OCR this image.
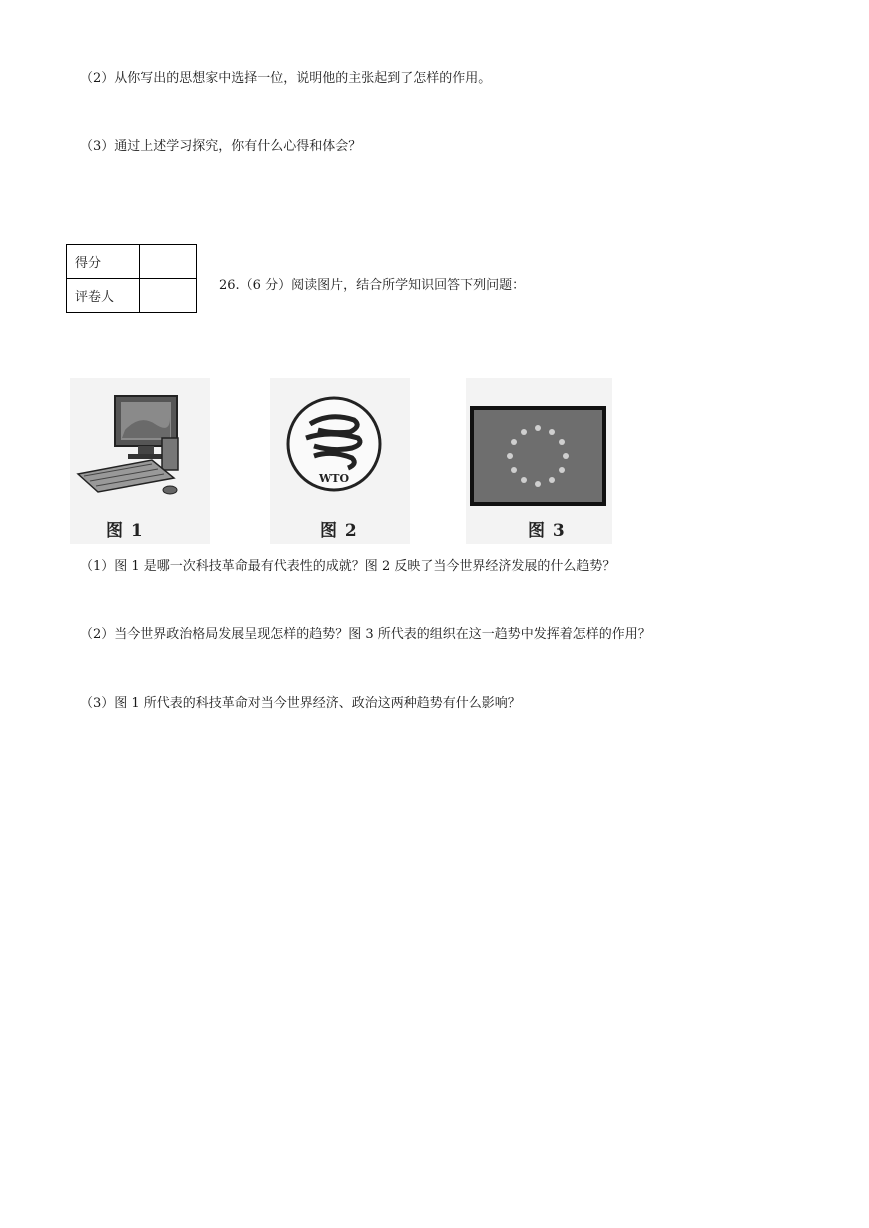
（2）从你写出的思想家中选择一位，说明他的主张起到了怎样的作用。
（3）通过上述学习探究，你有什么心得和体会？
得分	
评卷人	
26.（6 分）阅读图片，结合所学知识回答下列问题：
图 1
WTO
图 2	图 3
（1）图 1 是哪一次科技革命最有代表性的成就？图 2 反映了当今世界经济发展的什么趋势？
（2）当今世界政治格局发展呈现怎样的趋势？图 3 所代表的组织在这一趋势中发挥着怎样的作用？
（3）图 1 所代表的科技革命对当今世界经济、政治这两种趋势有什么影响？
